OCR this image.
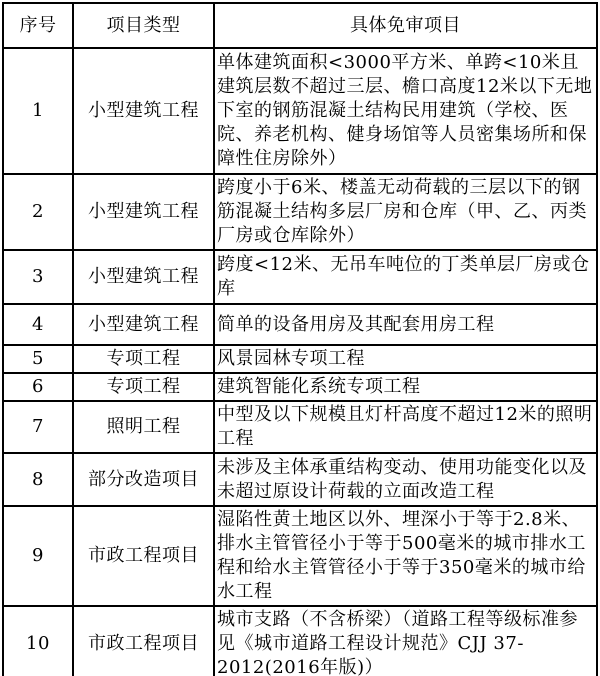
序号	项目类型	具体免审项目
1	小型建筑工程	单体建筑面积<3000平方米、单跨<10米且建筑层数不超过三层、檐口高度12米以下无地下室的钢筋混凝土结构民用建筑（学校、医院、养老机构、健身场馆等人员密集场所和保障性住房除外）
2	小型建筑工程	跨度小于6米、楼盖无动荷载的三层以下的钢筋混凝土结构多层厂房和仓库（甲、乙、丙类厂房或仓库除外）
3	小型建筑工程	跨度<12米、无吊车吨位的丁类单层厂房或仓库
4	小型建筑工程	简单的设备用房及其配套用房工程
5	专项工程	风景园林专项工程
6	专项工程	建筑智能化系统专项工程
7	照明工程	中型及以下规模且灯杆高度不超过12米的照明工程
8	部分改造项目	未涉及主体承重结构变动、使用功能变化以及未超过原设计荷载的立面改造工程
9	市政工程项目	湿陷性黄土地区以外、埋深小于等于2.8米、排水主管管径小于等于500毫米的城市排水工程和给水主管管径小于等于350毫米的城市给水工程
10	市政工程项目	城市支路（不含桥梁）（道路工程等级标准参见《城市道路工程设计规范》CJJ 37-2012(2016年版)）
